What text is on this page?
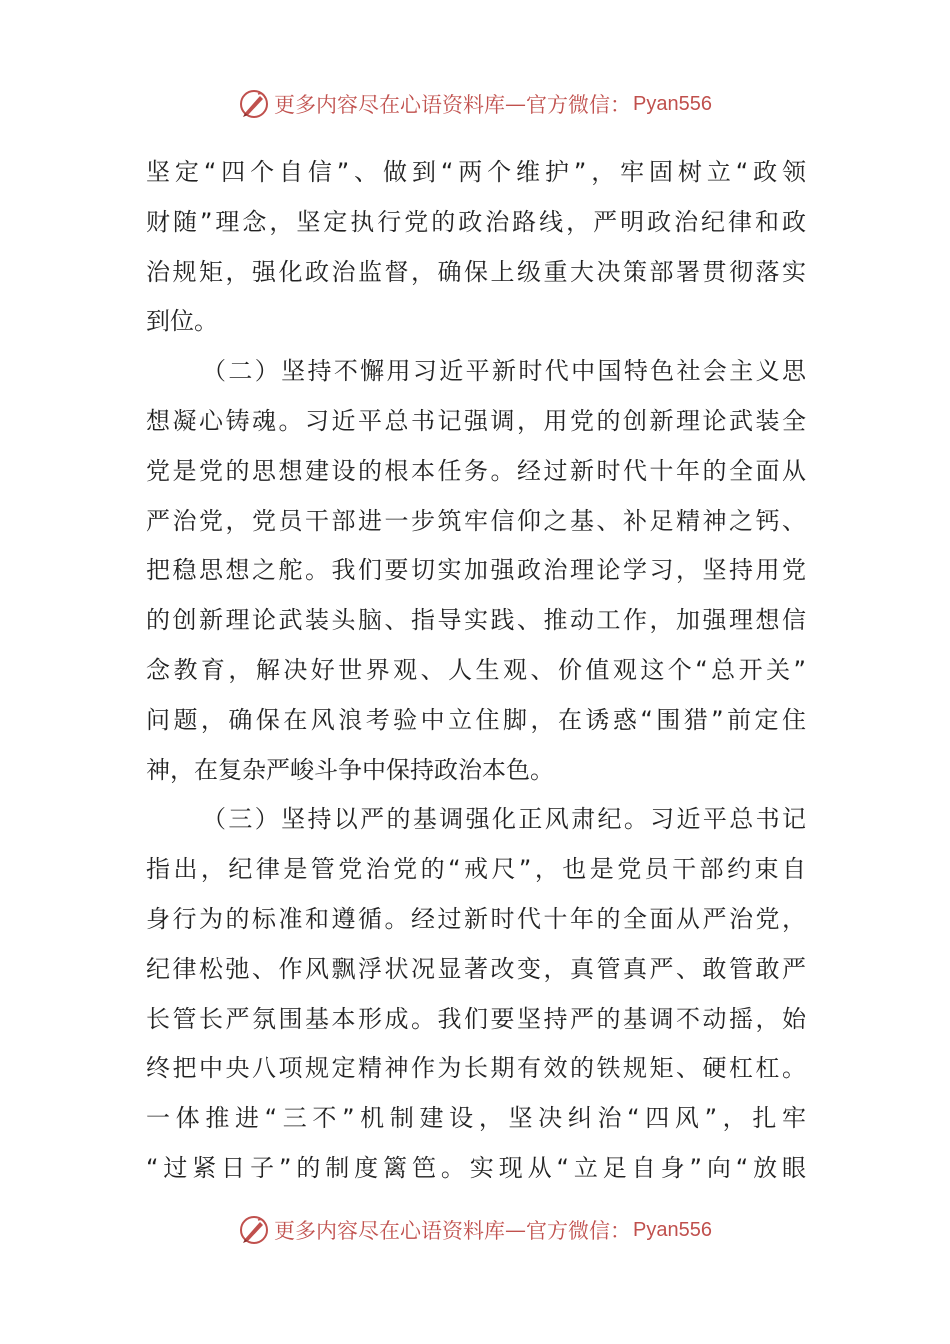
更多内容尽在心语资料库 — 官方微信： Pyan556
坚定“四个自信”、做到“两个维护”，牢固树立“政领
财随”理念，坚定执行党的政治路线，严明政治纪律和政
治规矩，强化政治监督，确保上级重大决策部署贯彻落实
到位。
（二）坚持不懈用习近平新时代中国特色社会主义思
想凝心铸魂。习近平总书记强调，用党的创新理论武装全
党是党的思想建设的根本任务。经过新时代十年的全面从
严治党，党员干部进一步筑牢信仰之基、补足精神之钙、
把稳思想之舵。我们要切实加强政治理论学习，坚持用党
的创新理论武装头脑、指导实践、推动工作，加强理想信
念教育，解决好世界观、人生观、价值观这个“总开关”
问题，确保在风浪考验中立住脚，在诱惑“围猎”前定住
神，在复杂严峻斗争中保持政治本色。
（三）坚持以严的基调强化正风肃纪。习近平总书记
指出，纪律是管党治党的“戒尺”，也是党员干部约束自
身行为的标准和遵循。经过新时代十年的全面从严治党，
纪律松弛、作风飘浮状况显著改变，真管真严、敢管敢严
长管长严氛围基本形成。我们要坚持严的基调不动摇，始
终把中央八项规定精神作为长期有效的铁规矩、硬杠杠。
一体推进“三不”机制建设，坚决纠治“四风”，扎牢
“过紧日子”的制度篱笆。实现从“立足自身”向“放眼
更多内容尽在心语资料库 — 官方微信： Pyan556
